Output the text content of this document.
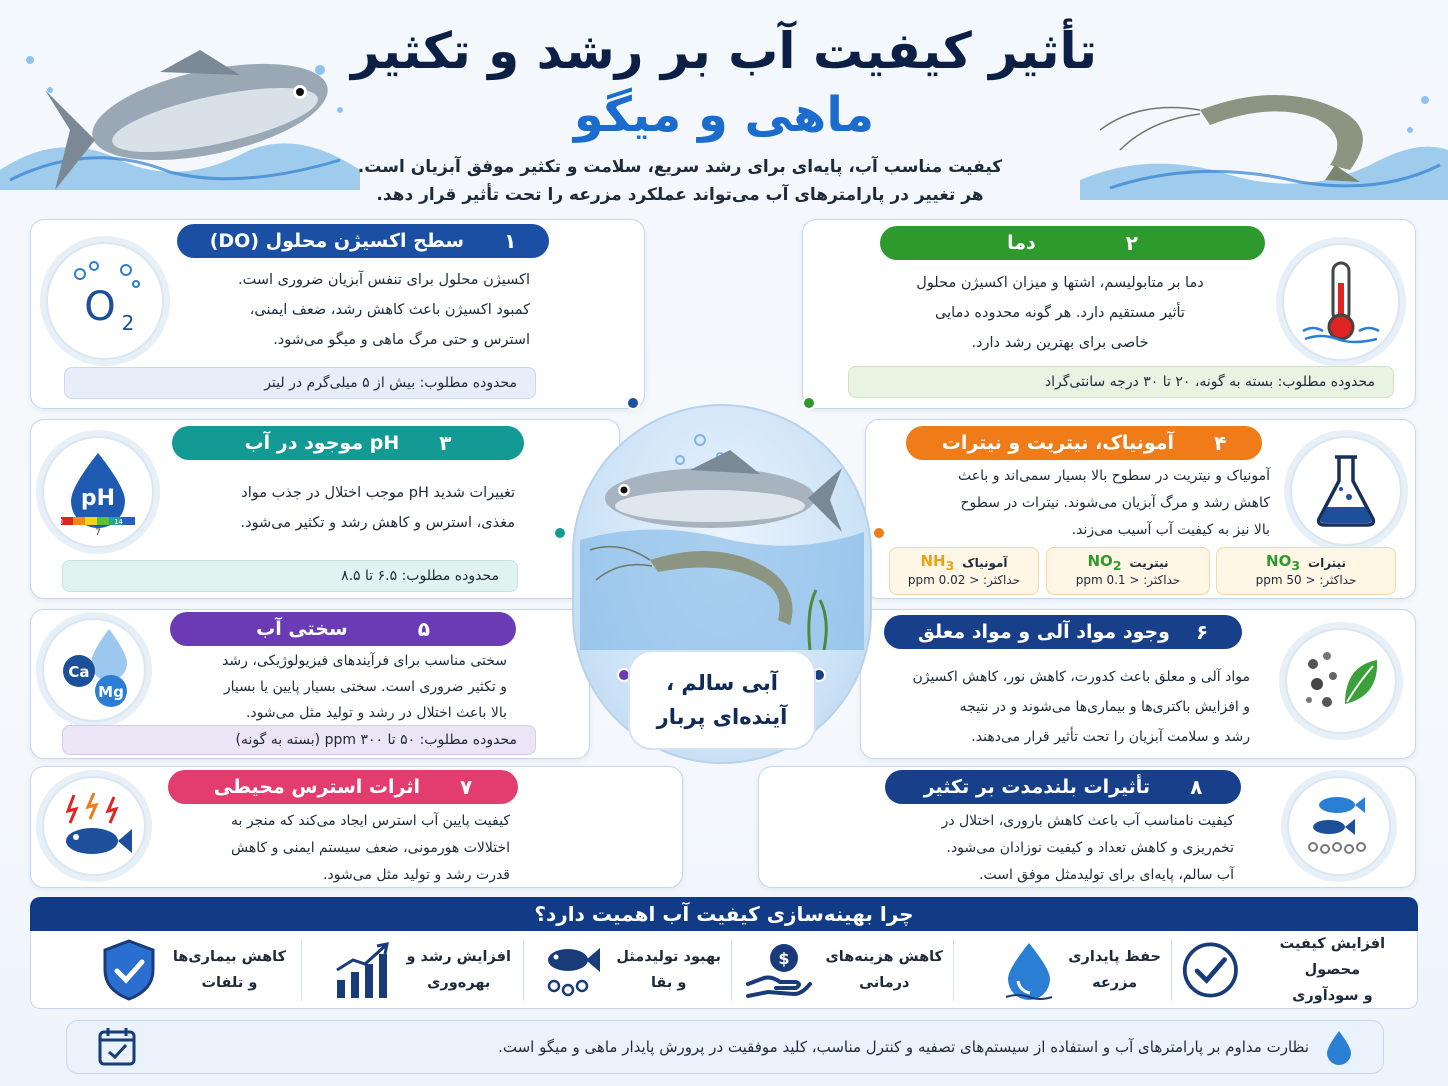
تأثیر کیفیت آب بر رشد و تکثیر
ماهی و میگو
کیفیت مناسب آب، پایه‌ای برای رشد سریع، سلامت و تکثیر موفق آبزیان است.
هر تغییر در پارامترهای آب می‌تواند عملکرد مزرعه را تحت تأثیر قرار دهد.
۱
سطح اکسیژن محلول (DO)
O 2
اکسیژن محلول برای تنفس آبزیان ضروری است.
کمبود اکسیژن باعث کاهش رشد، ضعف ایمنی،
استرس و حتی مرگ ماهی و میگو می‌شود.
محدوده مطلوب: بیش از ۵ میلی‌گرم در لیتر
۲
دما
دما بر متابولیسم، اشتها و میزان اکسیژن محلول
تأثیر مستقیم دارد. هر گونه محدوده دمایی
خاصی برای بهترین رشد دارد.
محدوده مطلوب: بسته به گونه، ۲۰ تا ۳۰ درجه سانتی‌گراد
۳
pH موجود در آب
pH
0	14
7
تغییرات شدید pH موجب اختلال در جذب مواد
مغذی، استرس و کاهش رشد و تکثیر می‌شود.
محدوده مطلوب: ۶.۵ تا ۸.۵
۴
آمونیاک، نیتریت و نیترات
آمونیاک و نیتریت در سطوح بالا بسیار سمی‌اند و باعث
کاهش رشد و مرگ آبزیان می‌شوند. نیترات در سطوح
بالا نیز به کیفیت آب آسیب می‌زند.
آمونیاک
$NH_3$
حداکثر: < 0.02 ppm
نیتریت
$NO_2$
حداکثر: < 0.1 ppm
نیترات
$NO_3$
حداکثر: < 50 ppm
۵
سختی آب
Ca
Mg
سختی مناسب برای فرآیندهای فیزیولوژیکی، رشد
و تکثیر ضروری است. سختی بسیار پایین یا بسیار
بالا باعث اختلال در رشد و تولید مثل می‌شود.
محدوده مطلوب: ۵۰ تا ۳۰۰ ppm (بسته به گونه)
۶
وجود مواد آلی و مواد معلق
مواد آلی و معلق باعث کدورت، کاهش نور، کاهش اکسیژن
و افزایش باکتری‌ها و بیماری‌ها می‌شوند و در نتیجه
رشد و سلامت آبزیان را تحت تأثیر قرار می‌دهند.
۷
اثرات استرس محیطی
کیفیت پایین آب استرس ایجاد می‌کند که منجر به
اختلالات هورمونی، ضعف سیستم ایمنی و کاهش
قدرت رشد و تولید مثل می‌شود.
۸
تأثیرات بلندمدت بر تکثیر
کیفیت نامناسب آب باعث کاهش باروری، اختلال در
تخم‌ریزی و کاهش تعداد و کیفیت نوزادان می‌شود.
آب سالم، پایه‌ای برای تولیدمثل موفق است.
آبی سالم ،
آینده‌ای پربار
چرا بهینه‌سازی کیفیت آب اهمیت دارد؟
افزایش کیفیت محصول
و سودآوری
حفظ پایداری
مزرعه
کاهش هزینه‌های
درمانی
$
بهبود تولیدمثل
و بقا
افزایش رشد و
بهره‌وری
کاهش بیماری‌ها
و تلفات
نظارت مداوم بر پارامترهای آب و استفاده از سیستم‌های تصفیه و کنترل مناسب، کلید موفقیت در پرورش پایدار ماهی و میگو است.
